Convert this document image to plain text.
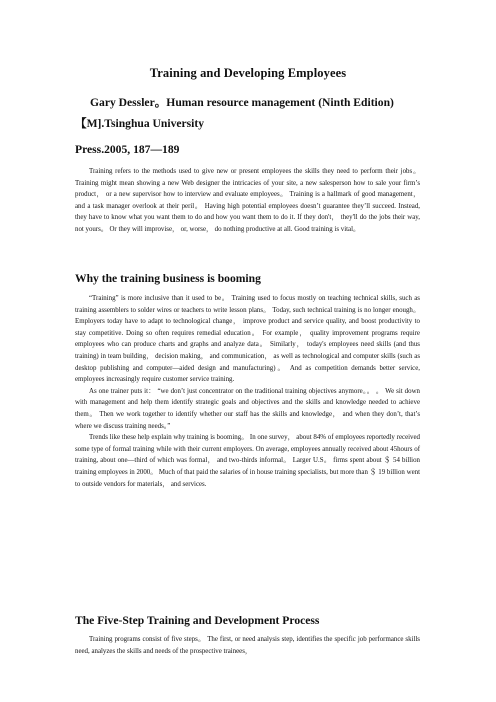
Training and Developing Employees
Gary Dessler。Human resource management (Ninth Edition)
【M].Tsinghua University
Press.2005, 187—189

Training refers to the methods used to give new or present employees the skills they need to perform their jobs。 Training might mean showing a new Web designer the intricacies of your site, a new salesperson how to sale your firm’s product， or a new supervisor how to interview and evaluate employees。 Training is a hallmark of good management， and a task manager overlook at their peril。 Having high potential employees doesn’t guarantee they’ll succeed. Instead, they have to know what you want them to do and how you want them to do it. If they don't， they'll do the jobs their way, not yours。 Or they will improvise， or, worse， do nothing productive at all. Good training is vital。

Why the training business is booming

“Training” is more inclusive than it used to be。 Training used to focus mostly on teaching technical skills, such as training assemblers to solder wires or teachers to write lesson plans。 Today, such technical training is no longer enough。 Employers today have to adapt to technological change， improve product and service quality, and boost productivity to stay competitive. Doing so often requires remedial education。 For example， quality improvement programs require employees who can produce charts and graphs and analyze data。 Similarly， today's employees need skills (and thus training) in team building， decision making， and communication， as well as technological and computer skills (such as desktop publishing and computer—aided design and manufacturing)。 And as competition demands better service, employees increasingly require customer service training.

As one trainer puts it： “we don’t just concentrator on the traditional training objectives anymore。。 。 We sit down with management and help them identify strategic goals and objectives and the skills and knowledge needed to achieve them。 Then we work together to identify whether our staff has the skills and knowledge， and when they don’t, that’s where we discuss training needs。”

Trends like these help explain why training is booming。 In one survey， about 84% of employees reportedly received some type of formal training while with their current employers. On average, employees annually received about 45hours of training, about one—third of which was formal， and two-thirds informal。 Larger U.S。 firms spent about ＄ 54 billion training employees in 2000。 Much of that paid the salaries of in house training specialists, but more than ＄ 19 billion went to outside vendors for materials， and services.

The Five-Step Training and Development Process

Training programs consist of five steps。 The first, or need analysis step, identifies the specific job performance skills need, analyzes the skills and needs of the prospective trainees，
